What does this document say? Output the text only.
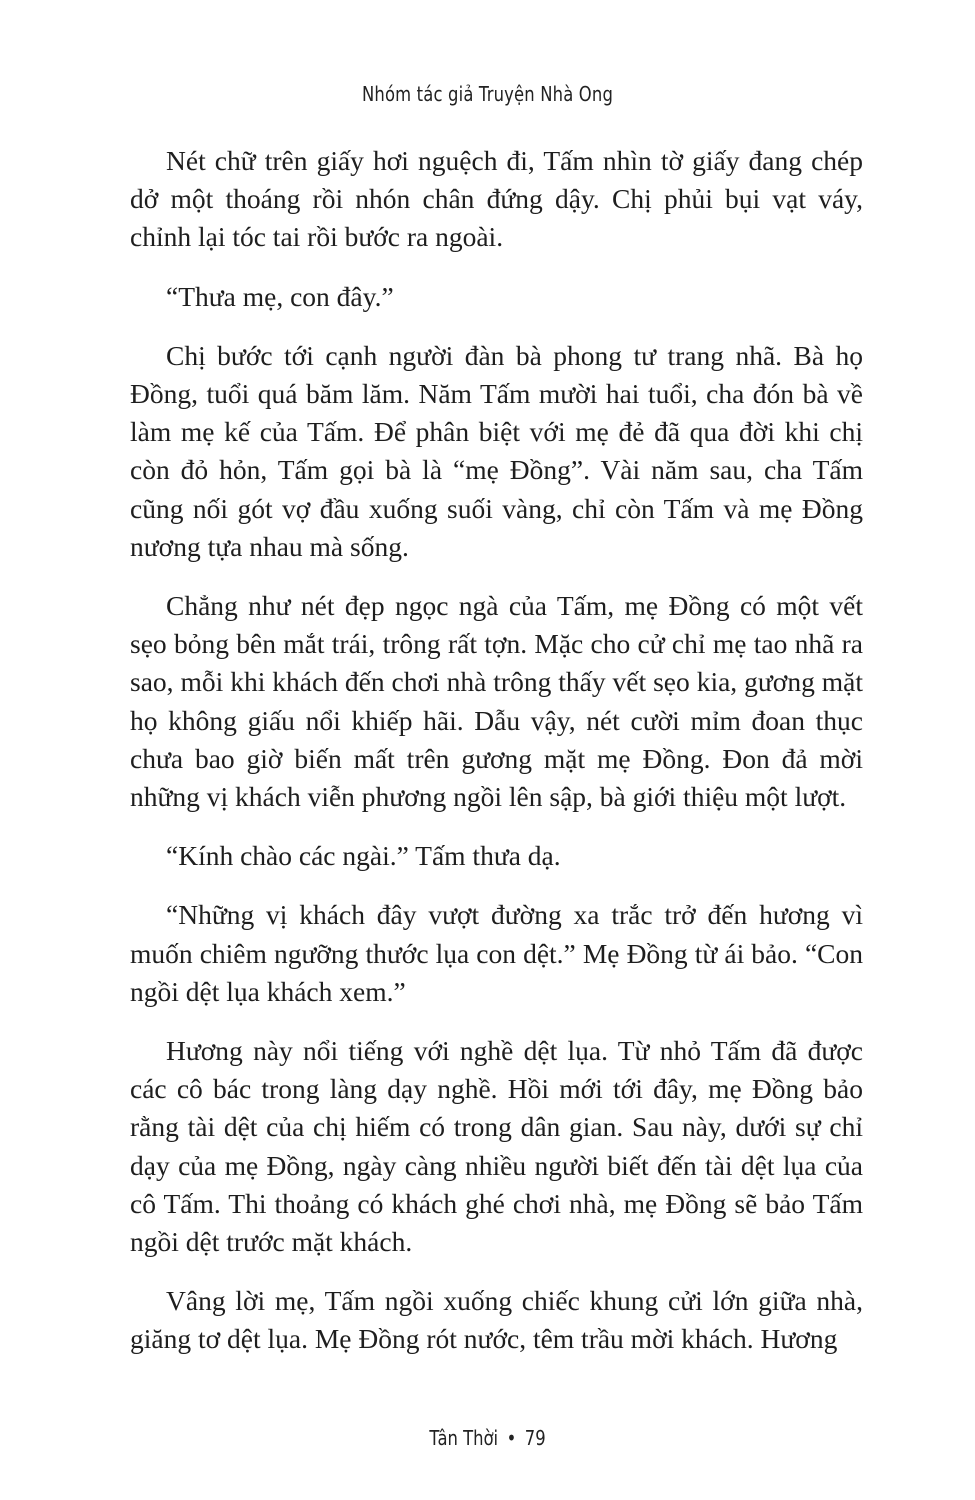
Nhóm tác giả Truyện Nhà Ong

Nét chữ trên giấy hơi nguệch đi, Tấm nhìn tờ giấy đang chép dở một thoáng rồi nhón chân đứng dậy. Chị phủi bụi vạt váy, chỉnh lại tóc tai rồi bước ra ngoài.

“Thưa mẹ, con đây.”

Chị bước tới cạnh người đàn bà phong tư trang nhã. Bà họ Đồng, tuổi quá băm lăm. Năm Tấm mười hai tuổi, cha đón bà về làm mẹ kế của Tấm. Để phân biệt với mẹ đẻ đã qua đời khi chị còn đỏ hỏn, Tấm gọi bà là “mẹ Đồng”. Vài năm sau, cha Tấm cũng nối gót vợ đầu xuống suối vàng, chỉ còn Tấm và mẹ Đồng nương tựa nhau mà sống.

Chẳng như nét đẹp ngọc ngà của Tấm, mẹ Đồng có một vết sẹo bỏng bên mắt trái, trông rất tợn. Mặc cho cử chỉ mẹ tao nhã ra sao, mỗi khi khách đến chơi nhà trông thấy vết sẹo kia, gương mặt họ không giấu nổi khiếp hãi. Dẫu vậy, nét cười mỉm đoan thục chưa bao giờ biến mất trên gương mặt mẹ Đồng. Đon đả mời những vị khách viễn phương ngồi lên sập, bà giới thiệu một lượt.

“Kính chào các ngài.” Tấm thưa dạ.

“Những vị khách đây vượt đường xa trắc trở đến hương vì muốn chiêm ngưỡng thước lụa con dệt.” Mẹ Đồng từ ái bảo. “Con ngồi dệt lụa khách xem.”

Hương này nổi tiếng với nghề dệt lụa. Từ nhỏ Tấm đã được các cô bác trong làng dạy nghề. Hồi mới tới đây, mẹ Đồng bảo rằng tài dệt của chị hiếm có trong dân gian. Sau này, dưới sự chỉ dạy của mẹ Đồng, ngày càng nhiều người biết đến tài dệt lụa của cô Tấm. Thi thoảng có khách ghé chơi nhà, mẹ Đồng sẽ bảo Tấm ngồi dệt trước mặt khách.

Vâng lời mẹ, Tấm ngồi xuống chiếc khung cửi lớn giữa nhà, giăng tơ dệt lụa. Mẹ Đồng rót nước, têm trầu mời khách. Hương

Tân Thời • 79
